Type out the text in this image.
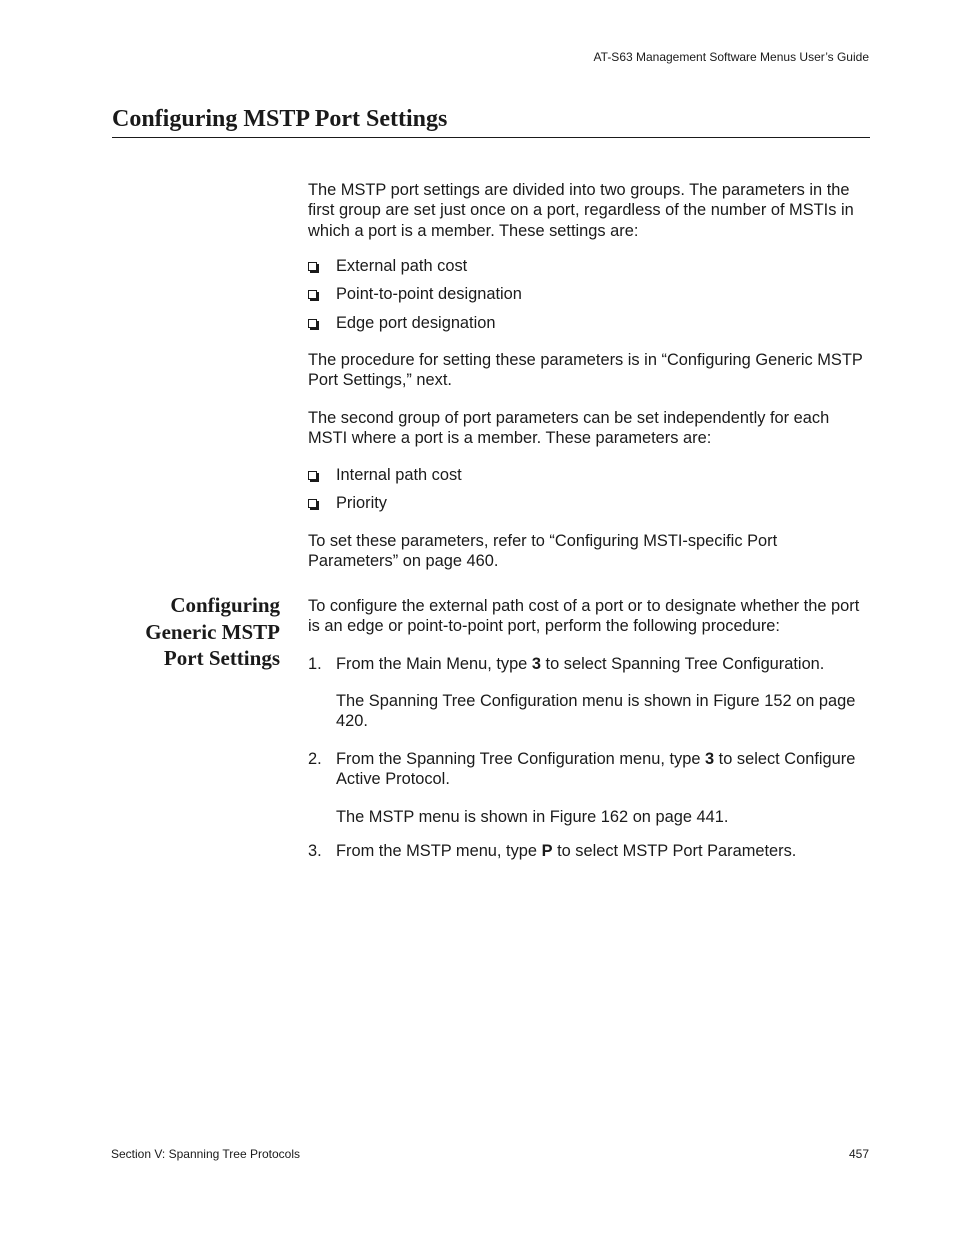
AT-S63 Management Software Menus User’s Guide
Configuring MSTP Port Settings

The MSTP port settings are divided into two groups. The parameters in the first group are set just once on a port, regardless of the number of MSTIs in which a port is a member. These settings are:

External path cost
Point-to-point designation
Edge port designation

The procedure for setting these parameters is in “Configuring Generic MSTP Port Settings,” next.

The second group of port parameters can be set independently for each MSTI where a port is a member. These parameters are:

Internal path cost
Priority

To set these parameters, refer to “Configuring MSTI-specific Port Parameters” on page 460.

Configuring
Generic MSTP
Port Settings

To configure the external path cost of a port or to designate whether the port is an edge or point-to-point port, perform the following procedure:

1. From the Main Menu, type 3 to select Spanning Tree Configuration.
The Spanning Tree Configuration menu is shown in Figure 152 on page 420.
2. From the Spanning Tree Configuration menu, type 3 to select Configure Active Protocol.
The MSTP menu is shown in Figure 162 on page 441.
3. From the MSTP menu, type P to select MSTP Port Parameters.
Section V: Spanning Tree Protocols	457
